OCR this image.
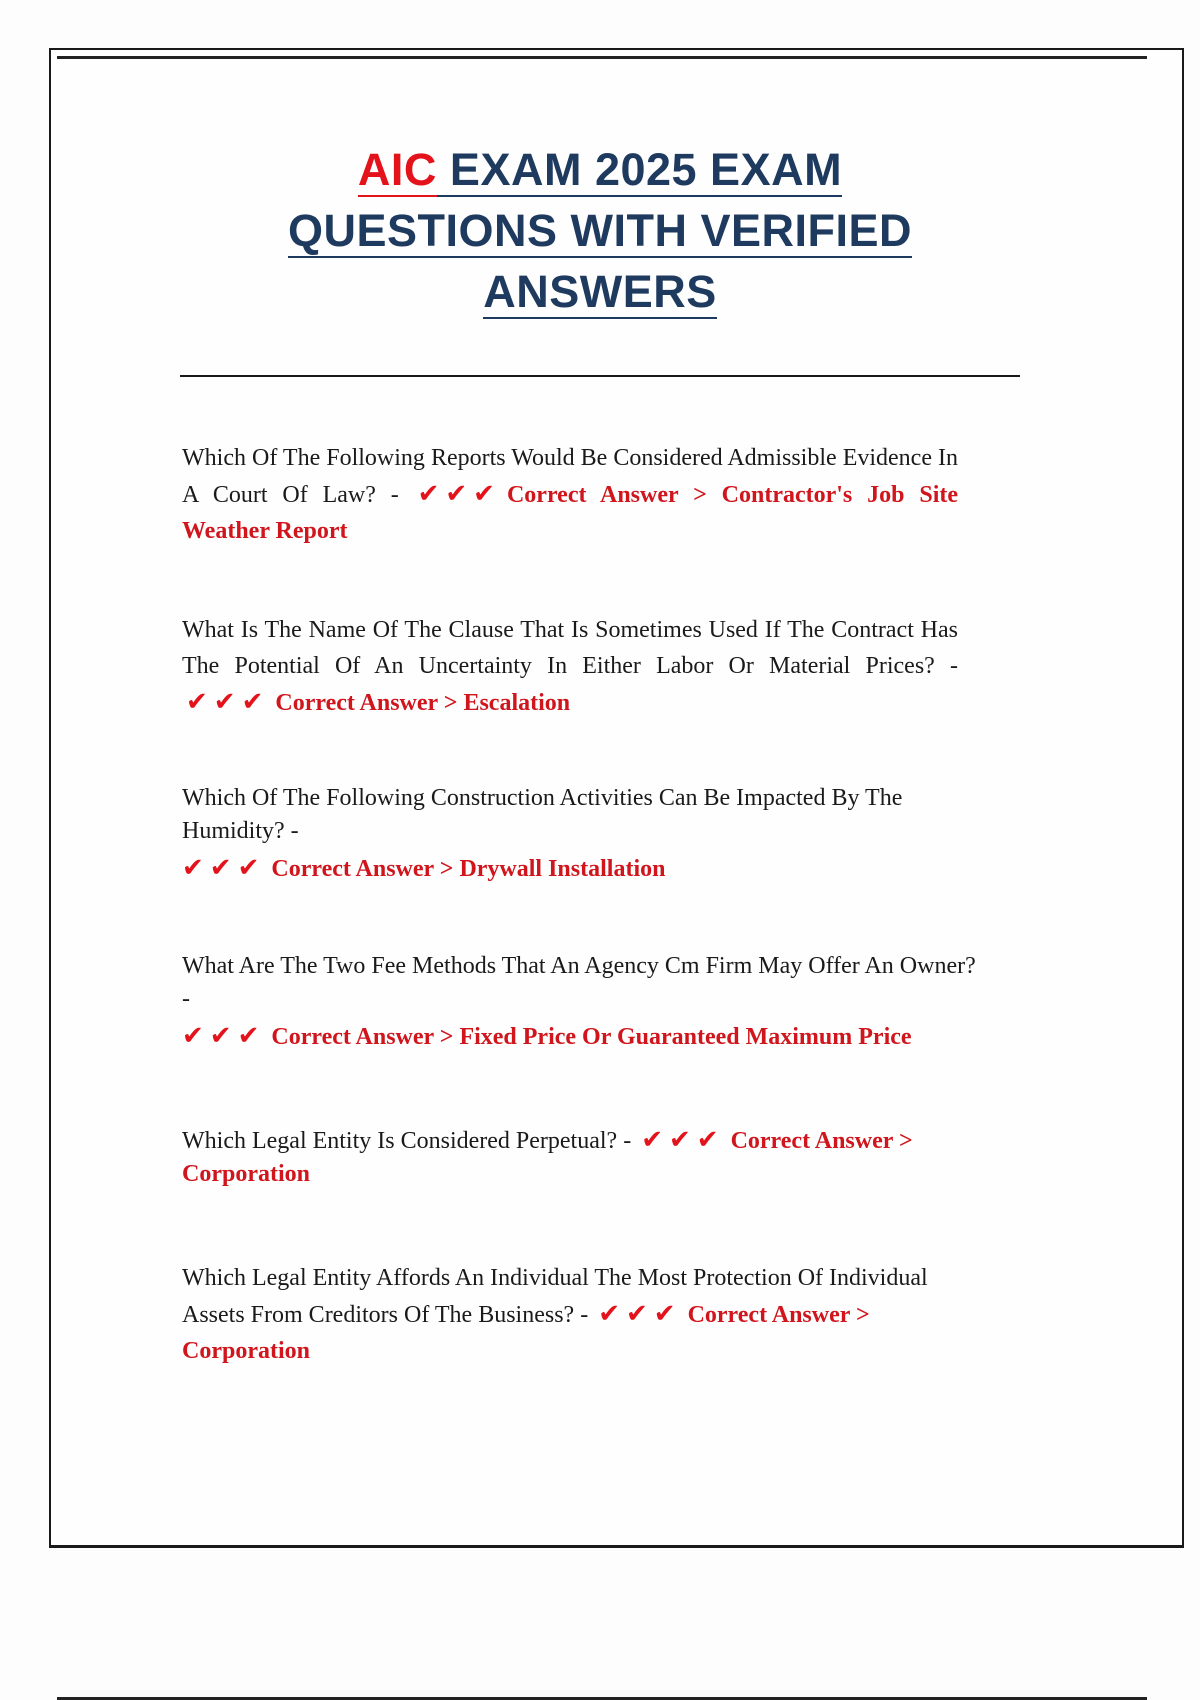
AIC EXAM 2025 EXAM
QUESTIONS WITH VERIFIED
ANSWERS
Which Of The Following Reports Would Be Considered Admissible Evidence In A Court Of Law? - ✔✔✔ Correct Answer > Contractor's Job Site Weather Report
What Is The Name Of The Clause That Is Sometimes Used If The Contract Has The Potential Of An Uncertainty In Either Labor Or Material Prices? - ✔✔✔ Correct Answer > Escalation
Which Of The Following Construction Activities Can Be Impacted By The Humidity? -
✔✔✔ Correct Answer > Drywall Installation
What Are The Two Fee Methods That An Agency Cm Firm May Offer An Owner? -
✔✔✔ Correct Answer > Fixed Price Or Guaranteed Maximum Price
Which Legal Entity Is Considered Perpetual? - ✔✔✔ Correct Answer > Corporation
Which Legal Entity Affords An Individual The Most Protection Of Individual Assets From Creditors Of The Business? - ✔✔✔ Correct Answer > Corporation
